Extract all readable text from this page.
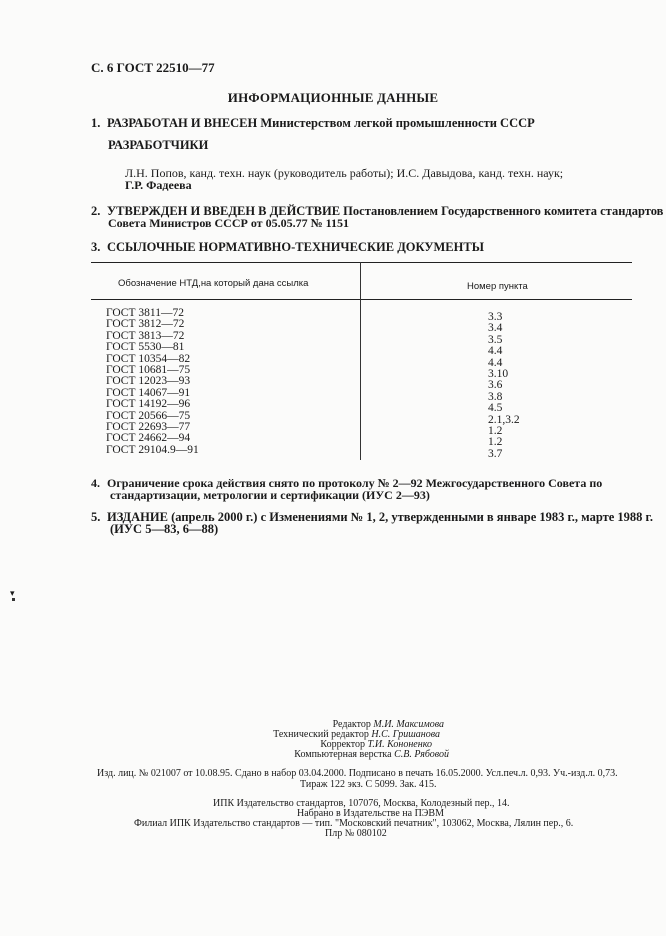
С. 6 ГОСТ 22510—77
ИНФОРМАЦИОННЫЕ ДАННЫЕ
1. РАЗРАБОТАН И ВНЕСЕН Министерством легкой промышленности СССР
РАЗРАБОТЧИКИ
Л.Н. Попов, канд. техн. наук (руководитель работы); И.С. Давыдова, канд. техн. наук;
Г.Р. Фадеева
2. УТВЕРЖДЕН И ВВЕДЕН В ДЕЙСТВИЕ Постановлением Государственного комитета стандартов
Совета Министров СССР от 05.05.77 № 1151
3. ССЫЛОЧНЫЕ НОРМАТИВНО-ТЕХНИЧЕСКИЕ ДОКУМЕНТЫ
Обозначение НТД,на который дана ссылка	Номер пункта
ГОСТ 3811—72
ГОСТ 3812—72
ГОСТ 3813—72
ГОСТ 5530—81
ГОСТ 10354—82
ГОСТ 10681—75
ГОСТ 12023—93
ГОСТ 14067—91
ГОСТ 14192—96
ГОСТ 20566—75
ГОСТ 22693—77
ГОСТ 24662—94
ГОСТ 29104.9—91
3.3
3.4
3.5
4.4
4.4
3.10
3.6
3.8
4.5
2.1,3.2
1.2
1.2
3.7
4. Ограничение срока действия снято по протоколу № 2—92 Межгосударственного Совета по
стандартизации, метрологии и сертификации (ИУС 2—93)
5. ИЗДАНИЕ (апрель 2000 г.) с Изменениями № 1, 2, утвержденными в январе 1983 г., марте 1988 г.
(ИУС 5—83, 6—88)
▾
Редактор М.И. Максимова
Технический редактор Н.С. Гришанова
Корректор Т.И. Кононенко
Компьютерная верстка С.В. Рябовой
Изд. лиц. № 021007 от 10.08.95. Сдано в набор 03.04.2000. Подписано в печать 16.05.2000. Усл.печ.л. 0,93. Уч.-изд.л. 0,73.
Тираж 122 экз. С 5099. Зак. 415.
ИПК Издательство стандартов, 107076, Москва, Колодезный пер., 14.
Набрано в Издательстве на ПЭВМ
Филиал ИПК Издательство стандартов — тип. "Московский печатник", 103062, Москва, Лялин пер., 6.
Плр № 080102
